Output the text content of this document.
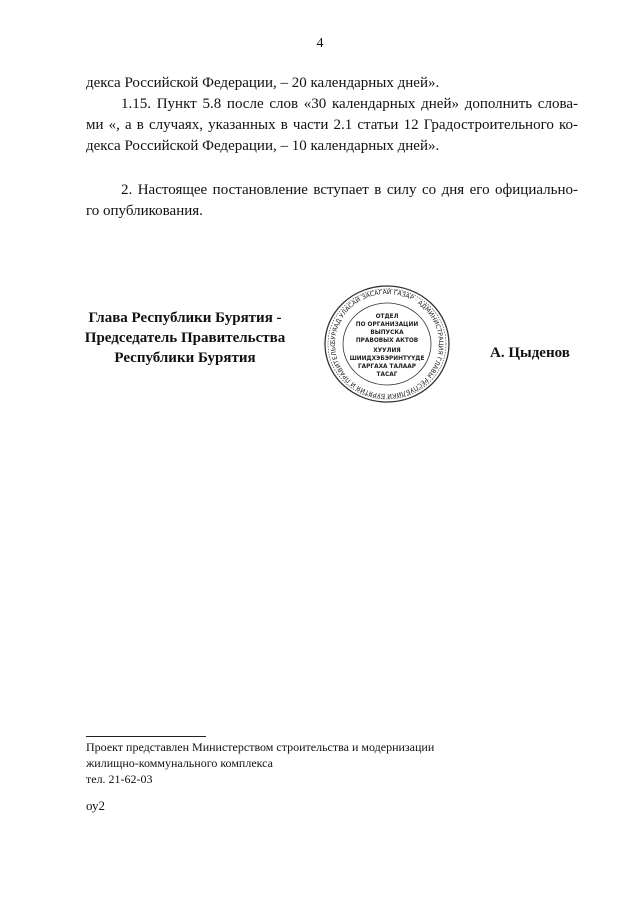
4
декса Российской Федерации, – 20 календарных дней».
1.15. Пункт 5.8 после слов «30 календарных дней» дополнить слова-
ми «, а в случаях, указанных в части 2.1 статьи 12 Градостроительного ко-
декса Российской Федерации, – 10 календарных дней».
2. Настоящее постановление вступает в силу со дня его официально-
го опубликования.
Глава Республики Бурятия -
Председатель Правительства
Республики Бурятия
БУРЯАД УЛАСАЙ ЗАСАГАЙ ГАЗАР · АДМИНИСТРАЦИЯ ГЛАВЫ РЕСПУБЛИКИ БУРЯТИЯ И ПРАВИТЕЛЬС
ОТДЕЛ
ПО ОРГАНИЗАЦИИ
ВЫПУСКА
ПРАВОВЫХ АКТОВ
ХУУЛИЯ
ШИИДХЭБЭРИНТҮҮДЕ
ГАРГАХА ТАЛААР
ТАСАГ
А. Цыденов
Проект представлен Министерством строительства и модернизации
жилищно-коммунального комплекса
тел. 21-62-03
оу2
